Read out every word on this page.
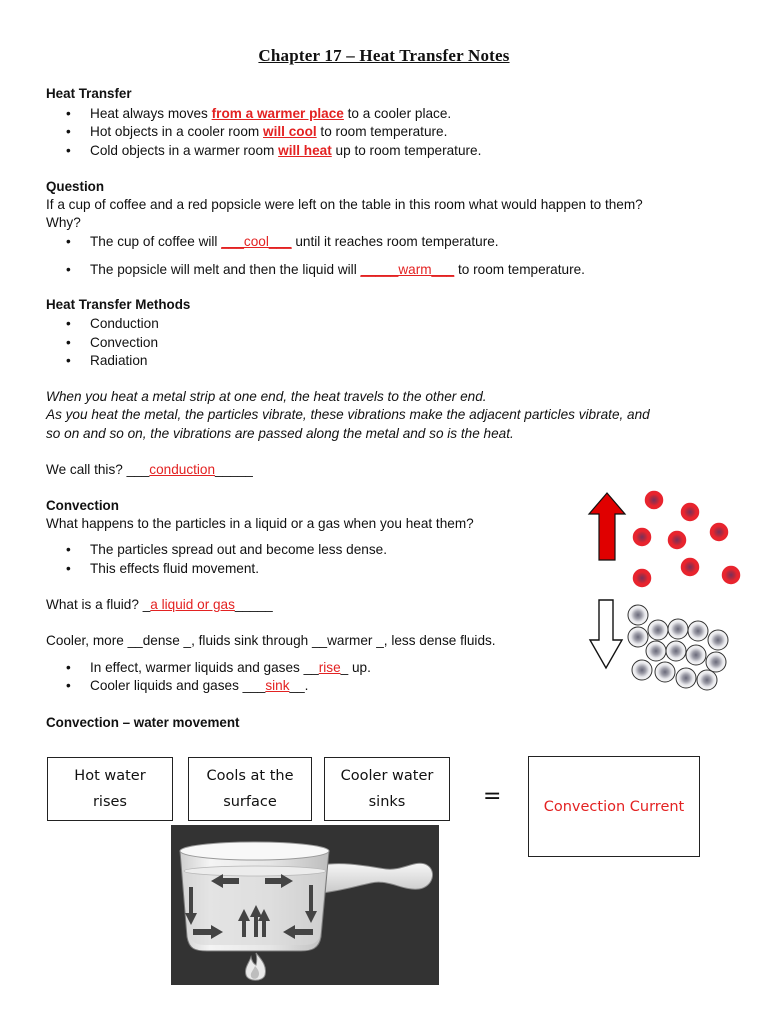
Chapter 17 – Heat Transfer Notes
Heat Transfer
• Heat always moves from a warmer place to a cooler place.
• Hot objects in a cooler room will cool to room temperature.
• Cold objects in a warmer room will heat up to room temperature.
Question
If a cup of coffee and a red popsicle were left on the table in this room what would happen to them?
Why?
• The cup of coffee will ___cool___ until it reaches room temperature.
• The popsicle will melt and then the liquid will _____warm___ to room temperature.
Heat Transfer Methods
• Conduction
• Convection
• Radiation
When you heat a metal strip at one end, the heat travels to the other end.
As you heat the metal, the particles vibrate, these vibrations make the adjacent particles vibrate, and
so on and so on, the vibrations are passed along the metal and so is the heat.
We call this? ___conduction_____
Convection
What happens to the particles in a liquid or a gas when you heat them?
• The particles spread out and become less dense.
• This effects fluid movement.
What is a fluid? _a liquid or gas_____
Cooler, more __dense _, fluids sink through __warmer _, less dense fluids.
• In effect, warmer liquids and gases __rise_ up.
• Cooler liquids and gases ___sink__.
Convection – water movement
Hot water
rises
Cools at the
surface
Cooler water
sinks	=	Convection Current
